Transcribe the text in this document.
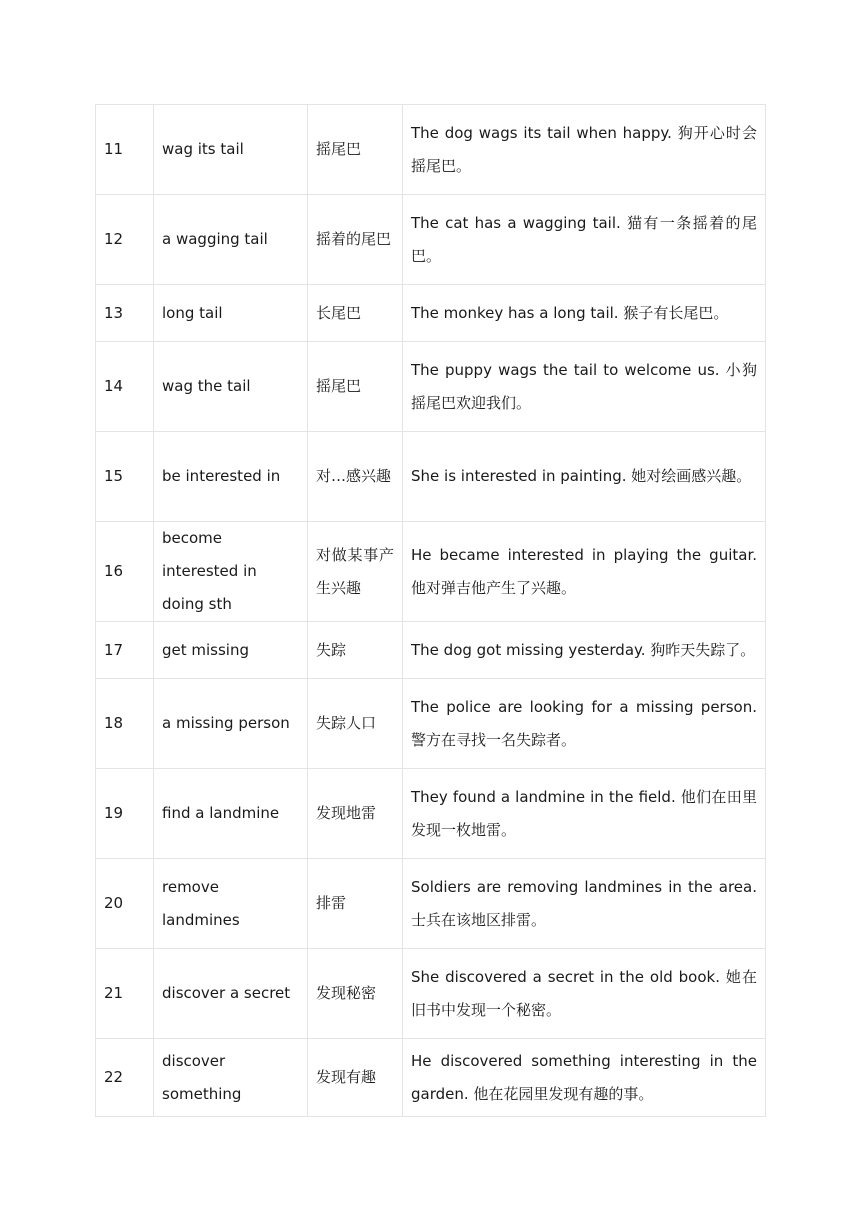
11	wag its tail	摇尾巴	The dog wags its tail when happy. 狗开心时会摇尾巴。
12	a wagging tail	摇着的尾巴	The cat has a wagging tail. 猫有一条摇着的尾巴。
13	long tail	长尾巴	The monkey has a long tail. 猴子有长尾巴。
14	wag the tail	摇尾巴	The puppy wags the tail to welcome us. 小狗摇尾巴欢迎我们。
15	be interested in	对…感兴趣	She is interested in painting. 她对绘画感兴趣。
16	become interested in doing sth	对做某事产生兴趣	He became interested in playing the guitar. 他对弹吉他产生了兴趣。
17	get missing	失踪	The dog got missing yesterday. 狗昨天失踪了。
18	a missing person	失踪人口	The police are looking for a missing person. 警方在寻找一名失踪者。
19	find a landmine	发现地雷	They found a landmine in the field. 他们在田里发现一枚地雷。
20	remove landmines	排雷	Soldiers are removing landmines in the area. 士兵在该地区排雷。
21	discover a secret	发现秘密	She discovered a secret in the old book. 她在旧书中发现一个秘密。
22	discover something	发现有趣	He discovered something interesting in the garden. 他在花园里发现有趣的事。
